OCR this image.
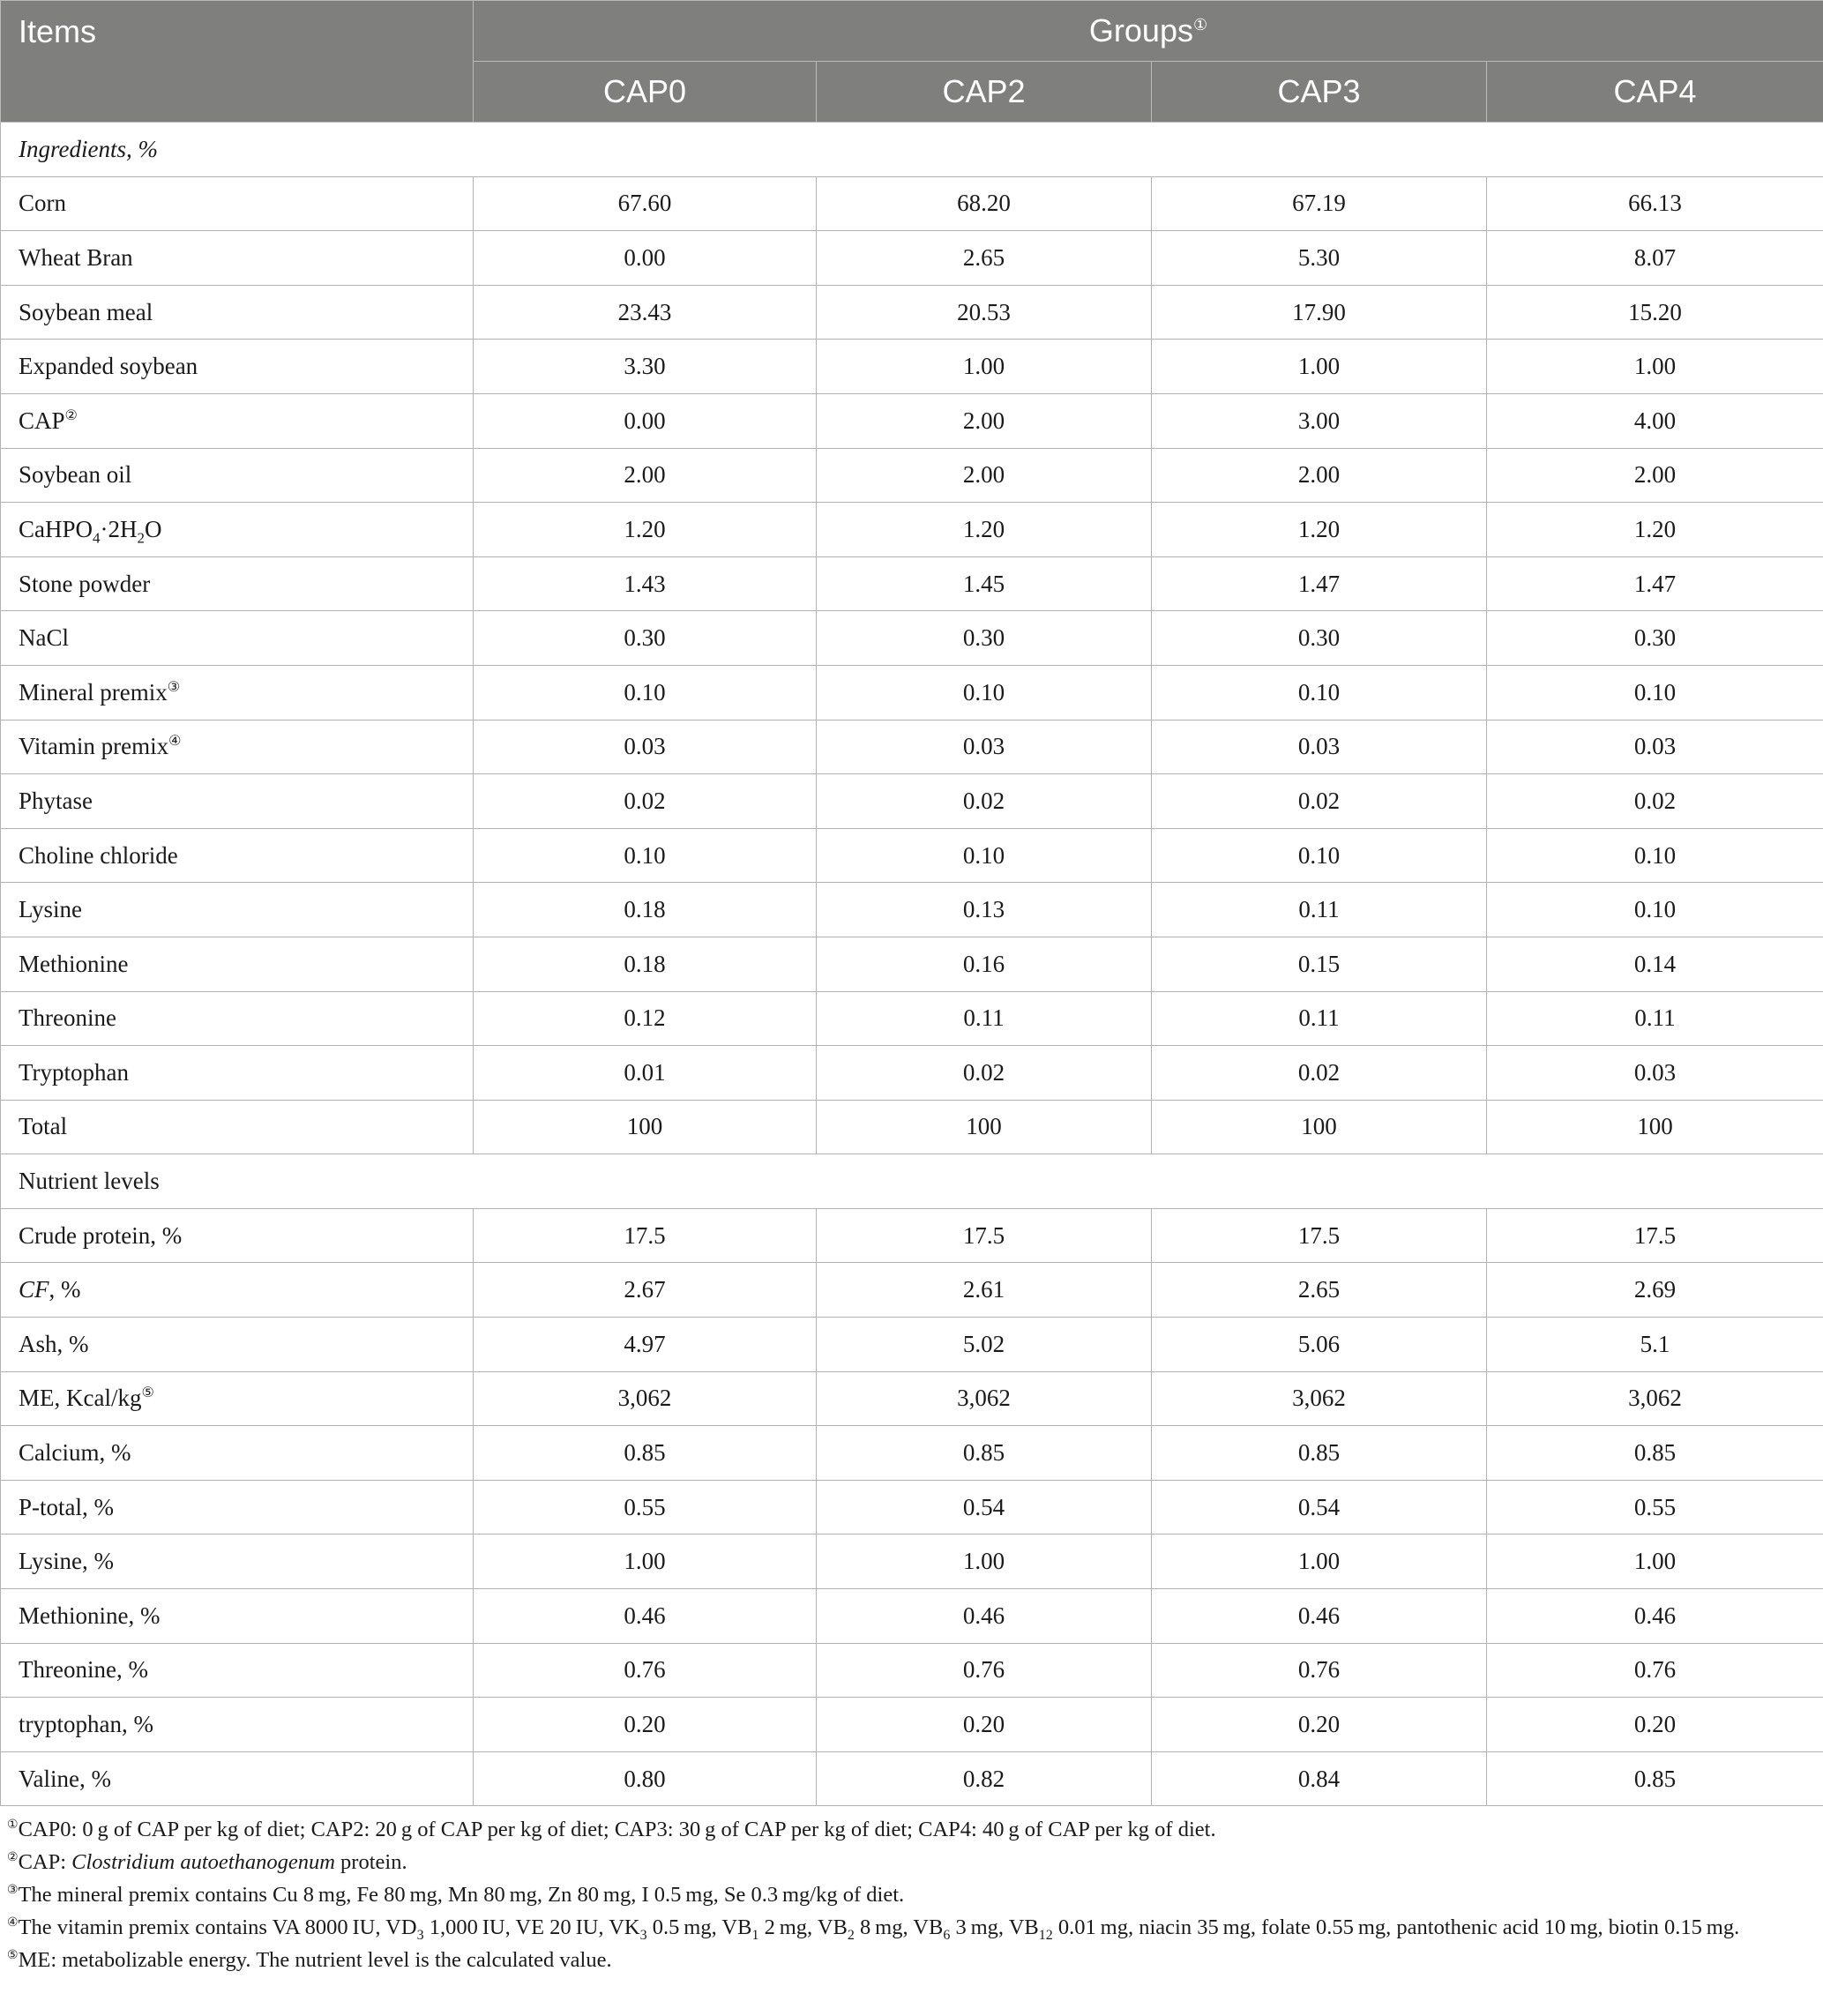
Items	Groups①
	CAP0	CAP2	CAP3	CAP4
Ingredients, %				
Corn	67.60	68.20	67.19	66.13
Wheat Bran	0.00	2.65	5.30	8.07
Soybean meal	23.43	20.53	17.90	15.20
Expanded soybean	3.30	1.00	1.00	1.00
CAP②	0.00	2.00	3.00	4.00
Soybean oil	2.00	2.00	2.00	2.00
$CaHPO_4\cdot 2H_2O$	1.20	1.20	1.20	1.20
Stone powder	1.43	1.45	1.47	1.47
NaCl	0.30	0.30	0.30	0.30
Mineral premix③	0.10	0.10	0.10	0.10
Vitamin premix④	0.03	0.03	0.03	0.03
Phytase	0.02	0.02	0.02	0.02
Choline chloride	0.10	0.10	0.10	0.10
Lysine	0.18	0.13	0.11	0.10
Methionine	0.18	0.16	0.15	0.14
Threonine	0.12	0.11	0.11	0.11
Tryptophan	0.01	0.02	0.02	0.03
Total	100	100	100	100
Nutrient levels				
Crude protein, %	17.5	17.5	17.5	17.5
CF, %	2.67	2.61	2.65	2.69
Ash, %	4.97	5.02	5.06	5.1
ME, Kcal/kg⑤	3,062	3,062	3,062	3,062
Calcium, %	0.85	0.85	0.85	0.85
P-total, %	0.55	0.54	0.54	0.55
Lysine, %	1.00	1.00	1.00	1.00
Methionine, %	0.46	0.46	0.46	0.46
Threonine, %	0.76	0.76	0.76	0.76
tryptophan, %	0.20	0.20	0.20	0.20
Valine, %	0.80	0.82	0.84	0.85

①CAP0: 0 g of CAP per kg of diet; CAP2: 20 g of CAP per kg of diet; CAP3: 30 g of CAP per kg of diet; CAP4: 40 g of CAP per kg of diet.

②CAP: Clostridium autoethanogenum protein.

③The mineral premix contains Cu 8 mg, Fe 80 mg, Mn 80 mg, Zn 80 mg, I 0.5 mg, Se 0.3 mg/kg of diet.

④The vitamin premix contains VA 8000 IU, $VD_3$ 1,000 IU, VE 20 IU, $VK_3$ 0.5 mg, $VB_1$ 2 mg, $VB_2$ 8 mg, $VB_6$ 3 mg, $VB_{12}$ 0.01 mg, niacin 35 mg, folate 0.55 mg, pantothenic acid 10 mg, biotin 0.15 mg.

⑤ME: metabolizable energy. The nutrient level is the calculated value.
